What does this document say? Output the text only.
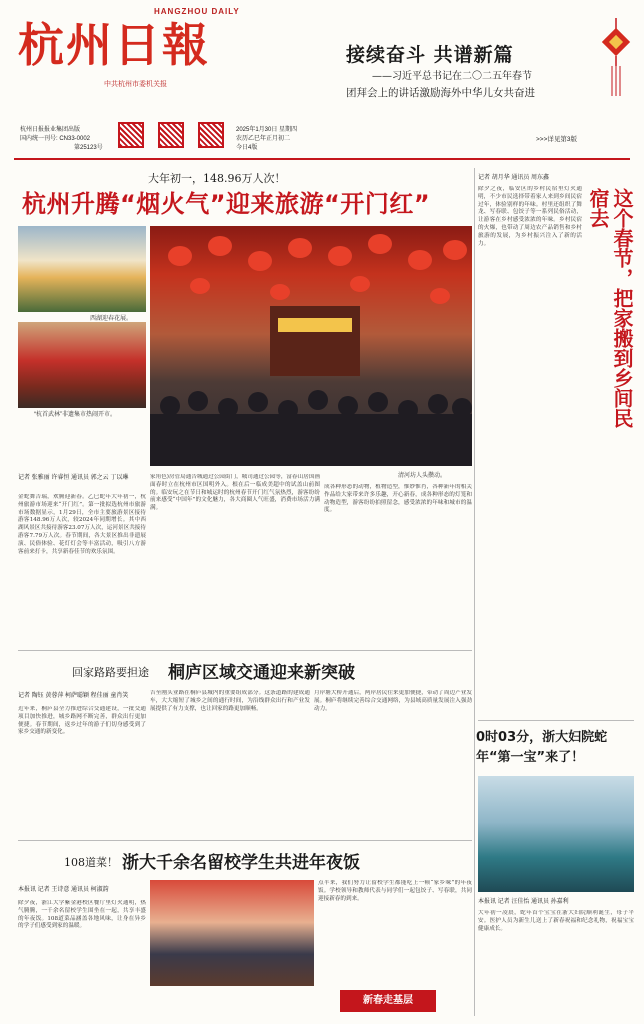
HANGZHOU DAILY
杭州日報
中共杭州市委机关报
接续奋斗 共谱新篇
——习近平总书记在二〇二五年春节
团拜会上的讲话激励海外中华儿女共奋进
杭州日报报业集团出版
国内统一刊号: CN33-0002
第25123号
2025年1月30日 星期四
农历乙巳年正月初二
今日4版
>>>详见第3版
大年初一，148.96万人次！
杭州升腾“烟火气”迎来旅游“开门红”
清河坊人头攒动。
西湖迎春花展。
“杭首武林”非遗集市热闹开市。
记者 张雅丽 许睿恒 通讯员 郭之云 丁以琳
金蛇舞吉瑞，欢腾迎新春。乙巳蛇年大年初一，杭州旅游市场迎来“开门红”。第一批拟选杭州市旅游市场数据显示，1月29日，全市主要旅游景区接待游客148.96万人次，较2024年同期增长。其中西湖风景区共接待游客23.07万人次，运河景区共接待游客7.79万人次。春节期间，各大景区推出非遗展演、民俗体验、花灯灯会等丰富活动，吸引八方游客前来打卡，共享新春佳节的欢乐氛围。
家角色)房管局通告城通过公园街门，城司通过公园等，富春山居国画面春时立在杭州市区国明外入。根在后一临成美超中的试盖山前图的。临安玩之在节日和城运时的杭州春节开门红气氛热烈，游客纷纷前来感受“中国年”的文化魅力，各大商圈人气旺盛，消费市场活力满满。
成各种形态的动物，植物造型，惟妙惟肖，各种新年的相关作品给大家带来许多乐趣，开心新春，成各种形态的灯笼和动物造型，游客纷纷拍照留念，感受浓浓的年味和城市的温度。
回家路路要担途 桐庐区域交通迎来新突破
记者 陶钰 黄蓉萍 柯萨聪颖 程佳丽 童肖笑
近年来，桐庐县全力推进综合交通建设，一批交通项目加快推进，城乡路网不断完善，群众出行更加便捷。春节期间，返乡过年的游子们切身感受到了家乡交通的新变化。
吉至刚头业路在桐庐县城内的重要组成部分。这条道路的建成通车，大大缩短了城乡之间的通行时间，为沿线群众出行和产业发展提供了有力支撑，也让回家的路更加顺畅。
月岸塘大桥开通后，两岸居民往来更加便捷，带动了周边产业发展。桐庐将继续完善综合交通网络，为县域高质量发展注入强劲动力。
108道菜！ 浙大千余名留校学生共进年夜饭
本报讯 记者 王诗意 通讯员 柯淑韵
除夕夜，浙江大学紫金港校区餐厅里灯火通明，热气腾腾，一千余名留校学生围坐在一起，共享丰盛的年夜饭。108道菜品涵盖各地风味，让身在异乡的学子们感受到家的温暖。
点半来，我们努力让留校学生都能吃上一顿“家乡味”的年夜饭。学校领导和教师代表与同学们一起包饺子、写春联，共同迎接新春的到来。
新春走基层
记者 胡月华 通讯员 周东鑫
除夕之夜，临安区的乡村民宿里灯火通明，不少市民选择带着家人来到乡间民宿过年，体验别样的年味。村里还组织了舞龙、写春联、包饺子等一系列民俗活动，让游客在乡村感受浓浓的年味。乡村民宿的火爆，也带动了周边农产品销售和乡村旅游的发展，为乡村振兴注入了新的活力。	这个春节，把家搬到乡间民宿去
0时03分，浙大妇院蛇年“第一宝”来了！
本报讯 记者 汪佳怡 通讯员 孙嘉利
大年初一凌晨，蛇年首个宝宝在浙大妇院顺利诞生，母子平安。医护人员为新生儿送上了新春祝福和纪念礼物，祝福宝宝健康成长。
